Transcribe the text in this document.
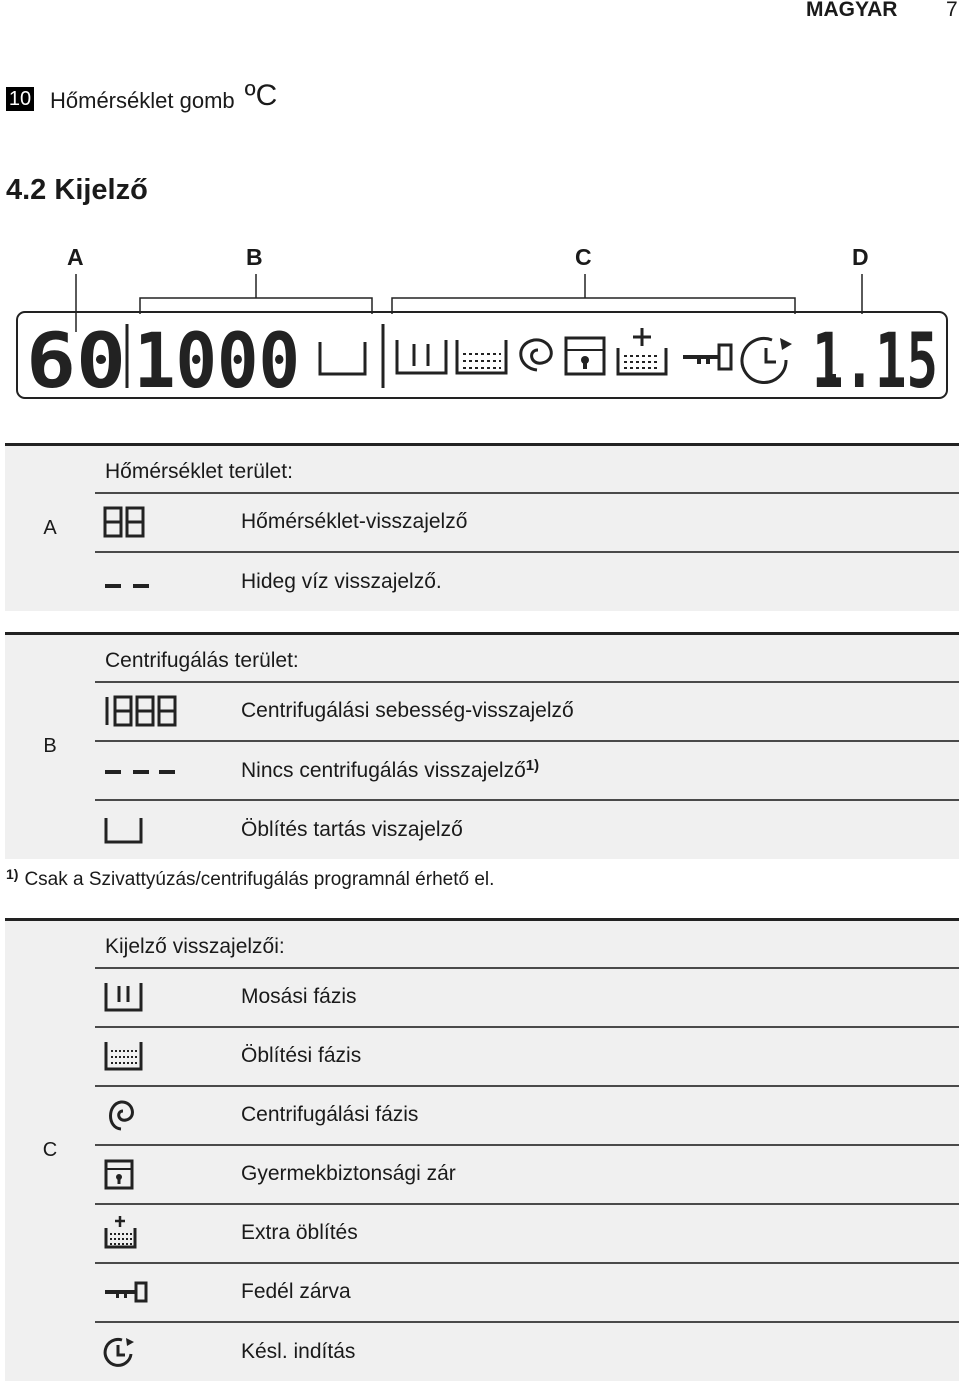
MAGYAR 7
10 Hőmérséklet gomb ºC
4.2 Kijelző
A	B	C	D
60 1000	1.15
A	Hőmérséklet terület:	

	Hőmérséklet-visszajelző

	Hideg víz visszajelző.
B	Centrifugálás terület:	

	Centrifugálási sebesség-visszajelző

	Nincs centrifugálás visszajelző$^{1)}$

	Öblítés tartás viszajelző
$^{1)}$ Csak a Szivattyúzás/centrifugálás programnál érhető el.
C	Kijelző visszajelzői:	

	Mosási fázis

	Öblítési fázis

	Centrifugálási fázis

	Gyermekbiztonsági zár

	Extra öblítés

	Fedél zárva

	Késl. indítás
